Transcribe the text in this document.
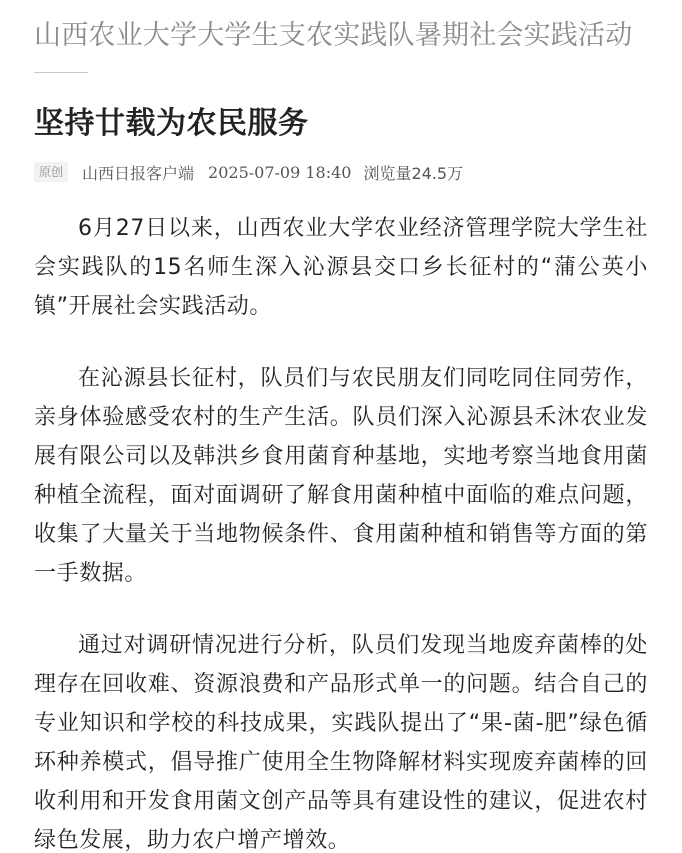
山西农业大学大学生支农实践队暑期社会实践活动
坚持廿载为农民服务
原创	山西日报客户端 2025-07-09 18:40 浏览量24.5万

6月27日以来，山西农业大学农业经济管理学院大学生社会实践队的15名师生深入沁源县交口乡长征村的“蒲公英小镇”开展社会实践活动。

在沁源县长征村，队员们与农民朋友们同吃同住同劳作，亲身体验感受农村的生产生活。队员们深入沁源县禾沐农业发展有限公司以及韩洪乡食用菌育种基地，实地考察当地食用菌种植全流程，面对面调研了解食用菌种植中面临的难点问题，收集了大量关于当地物候条件、食用菌种植和销售等方面的第一手数据。

通过对调研情况进行分析，队员们发现当地废弃菌棒的处理存在回收难、资源浪费和产品形式单一的问题。结合自己的专业知识和学校的科技成果，实践队提出了“果-菌-肥”绿色循环种养模式，倡导推广使用全生物降解材料实现废弃菌棒的回收利用和开发食用菌文创产品等具有建设性的建议，促进农村绿色发展，助力农户增产增效。
